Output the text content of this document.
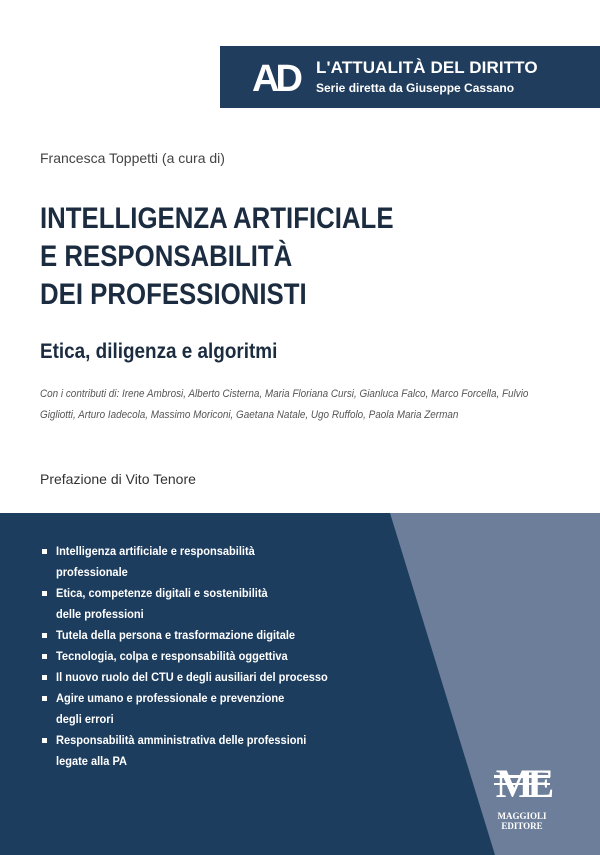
AD L'ATTUALITÀ DEL DIRITTO
Serie diretta da Giuseppe Cassano
Francesca Toppetti (a cura di)
INTELLIGENZA ARTIFICIALE
E RESPONSABILITÀ
DEI PROFESSIONISTI
Etica, diligenza e algoritmi
Con i contributi di: Irene Ambrosi, Alberto Cisterna, Maria Floriana Cursi, Gianluca Falco, Marco Forcella, Fulvio Gigliotti, Arturo Iadecola, Massimo Moriconi, Gaetana Natale, Ugo Ruffolo, Paola Maria Zerman
Prefazione di Vito Tenore
Intelligenza artificiale e responsabilità
professionale
Etica, competenze digitali e sostenibilità
delle professioni
Tutela della persona e trasformazione digitale
Tecnologia, colpa e responsabilità oggettiva
Il nuovo ruolo del CTU e degli ausiliari del processo
Agire umano e professionale e prevenzione
degli errori
Responsabilità amministrativa delle professioni
legate alla PA
MAGGIOLI
EDITORE
